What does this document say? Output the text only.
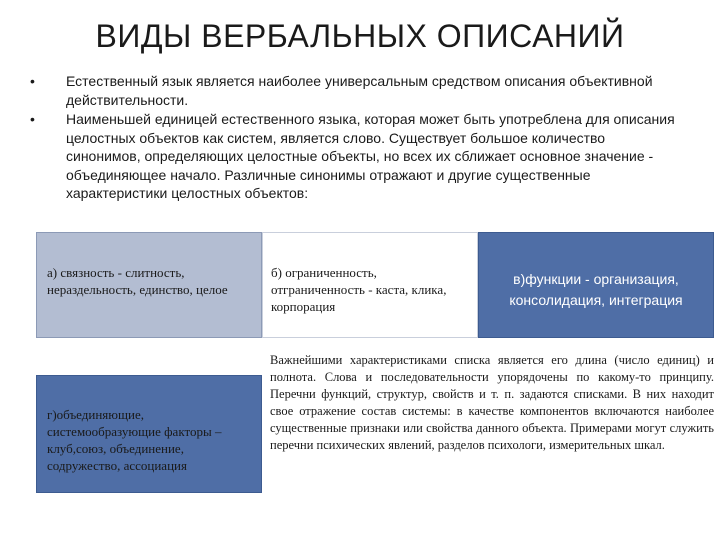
ВИДЫ ВЕРБАЛЬНЫХ ОПИСАНИЙ
•	Естественный язык является наиболее универсальным средством описания объективной действительности.
•	Наименьшей единицей естественного языка, которая может быть употреблена для описания целостных объектов как систем, является слово. Существует большое количество синонимов, определяющих целостные объекты, но всех их сближает основное значение - объединяющее начало. Различные синонимы отражают и другие существенные характеристики целостных объектов:
а) связность - слитность, нераздельность, единство, целое
б) ограниченность, отграниченность - каста, клика, корпорация
в)функции - организация, консолидация, интеграция
г)объединяющие, системообразующие факторы – клуб,союз, объединение, содружество, ассоциация
Важнейшими характеристиками списка является его длина (число единиц) и полнота. Слова и последовательности упорядочены по какому-то принципу. Перечни функций, структур, свойств и т. п. задаются списками. В них находит свое отражение состав системы: в качестве компонентов включаются наиболее существенные признаки или свойства данного объекта. Примерами могут служить перечни психических явлений, разделов психологи, измерительных шкал.
